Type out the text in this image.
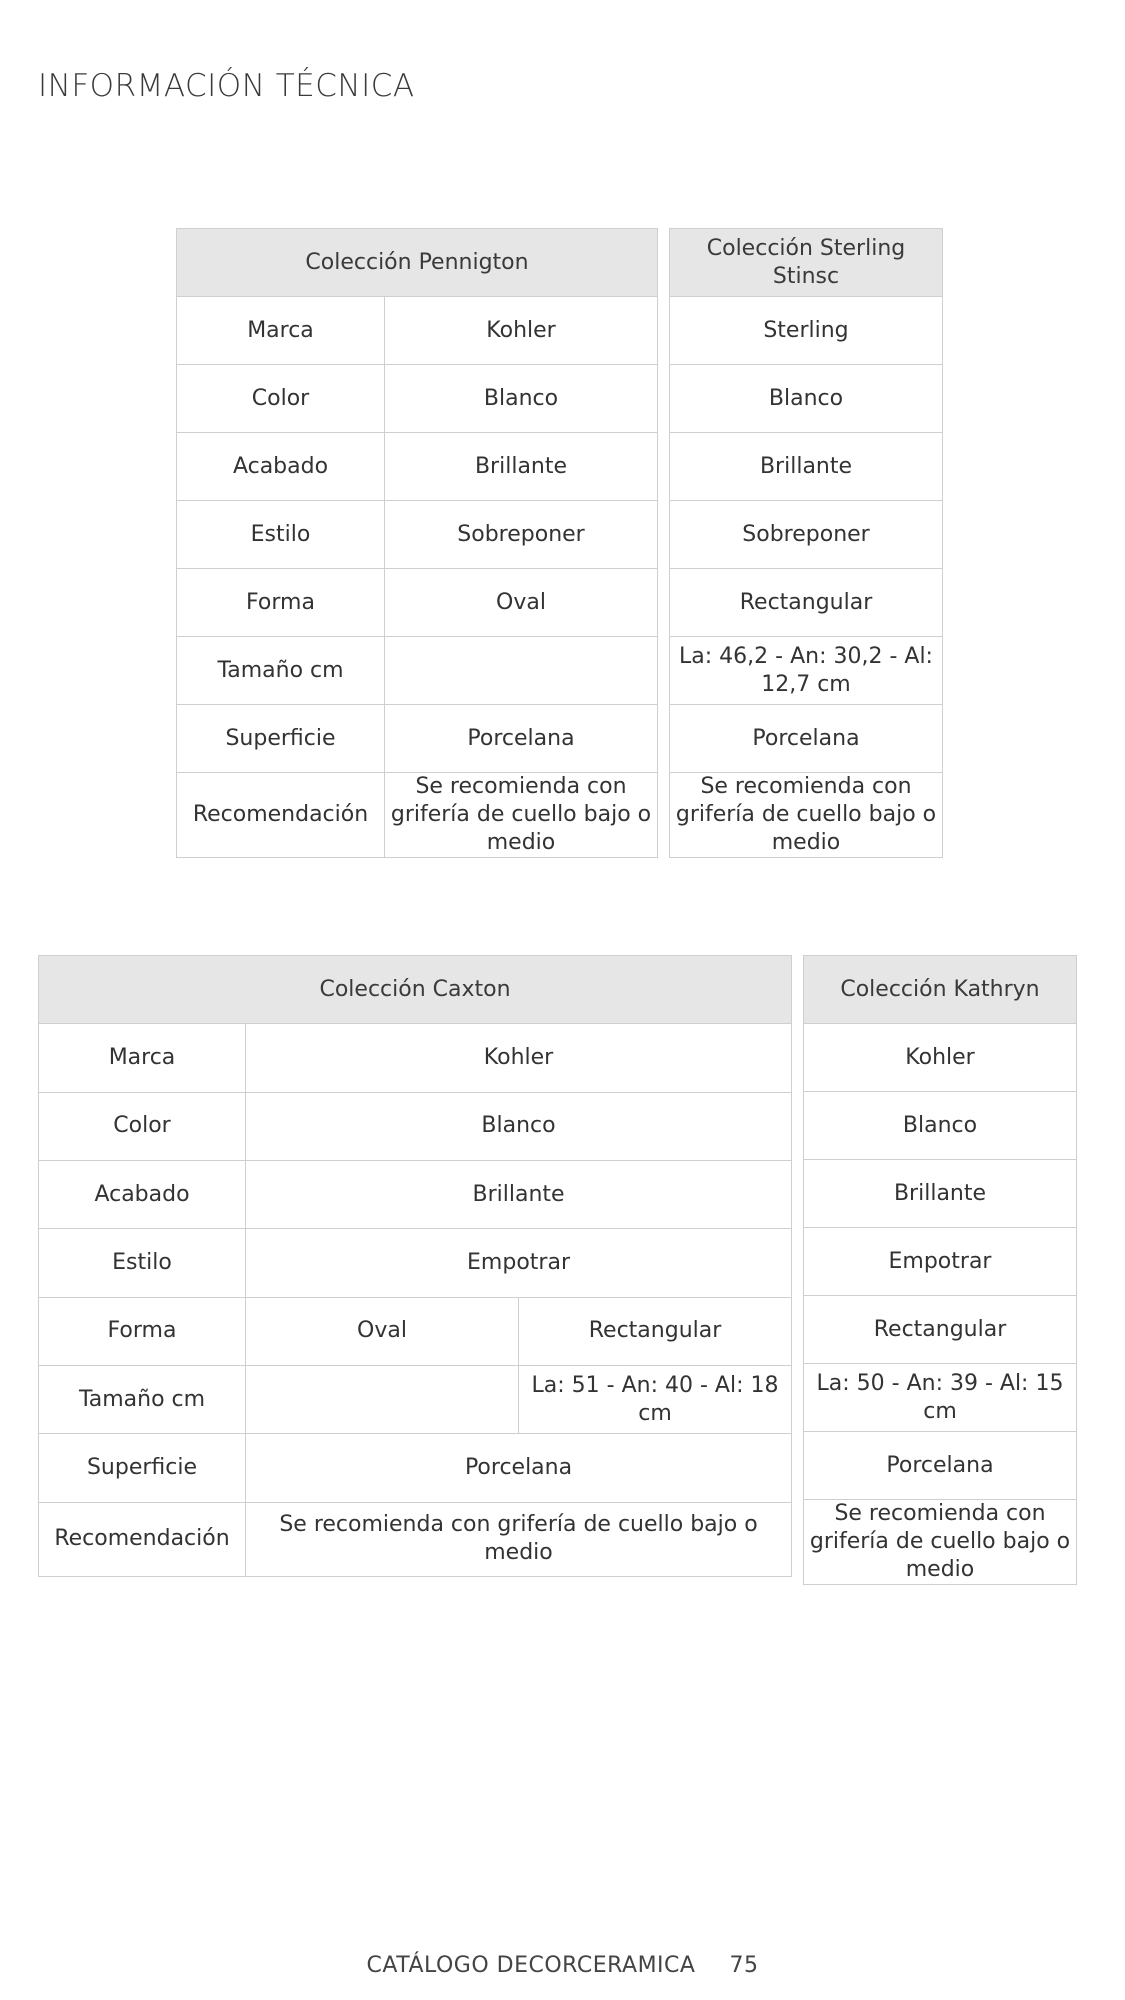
INFORMACIÓN TÉCNICA
Colección Pennigton	
Marca	Kohler
Color	Blanco
Acabado	Brillante
Estilo	Sobreponer
Forma	Oval
Tamaño cm	
Superficie	Porcelana
Recomendación	Se recomienda con grifería de cuello bajo o medio
Colección Sterling Stinsc
Sterling
Blanco
Brillante
Sobreponer
Rectangular
La: 46,2 - An: 30,2 - Al: 12,7 cm
Porcelana
Se recomienda con grifería de cuello bajo o medio
Colección Caxton		
Marca	Kohler	
Color	Blanco	
Acabado	Brillante	
Estilo	Empotrar	
Forma	Oval	Rectangular
Tamaño cm		La: 51 - An: 40 - Al: 18 cm
Superficie	Porcelana	
Recomendación	Se recomienda con grifería de cuello bajo o medio	
Colección Kathryn
Kohler
Blanco
Brillante
Empotrar
Rectangular
La: 50 - An: 39 - Al: 15 cm
Porcelana
Se recomienda con grifería de cuello bajo o medio
CATÁLOGO DECORCERAMICA 75
